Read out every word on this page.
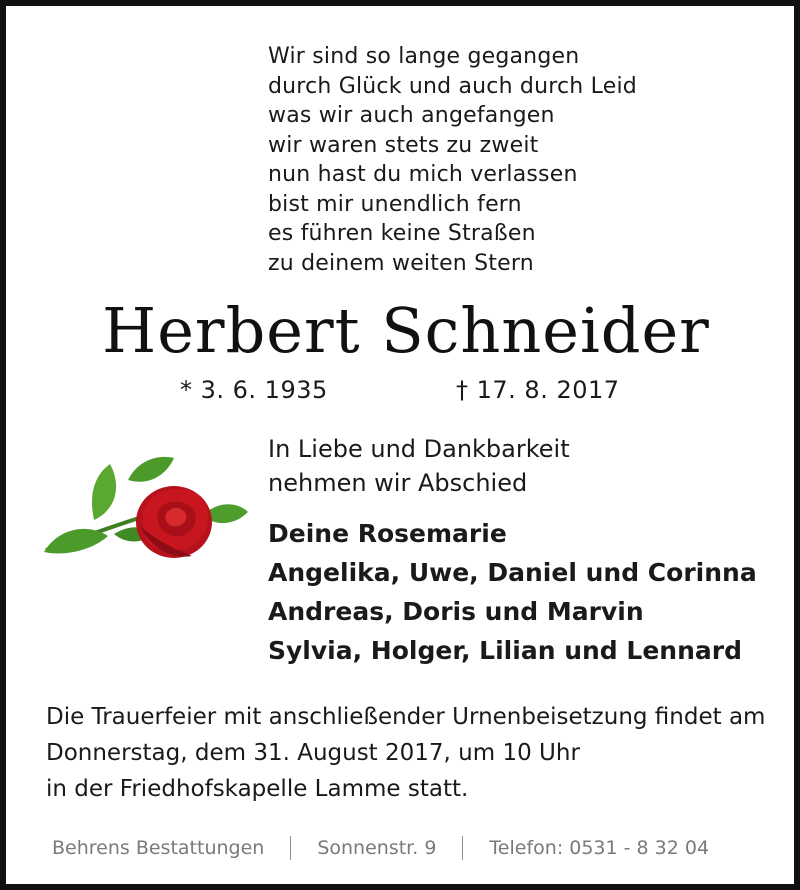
Wir sind so lange gegangen
durch Glück und auch durch Leid
was wir auch angefangen
wir waren stets zu zweit
nun hast du mich verlassen
bist mir unendlich fern
es führen keine Straßen
zu deinem weiten Stern
Herbert Schneider
* 3. 6. 1935	† 17. 8. 2017
In Liebe und Dankbarkeit
nehmen wir Abschied
Deine Rosemarie
Angelika, Uwe, Daniel und Corinna
Andreas, Doris und Marvin
Sylvia, Holger, Lilian und Lennard
Die Trauerfeier mit anschließender Urnenbeisetzung findet am
Donnerstag, dem 31. August 2017, um 10 Uhr
in der Friedhofskapelle Lamme statt.
Behrens Bestattungen	Sonnenstr. 9	Telefon: 0531 - 8 32 04
